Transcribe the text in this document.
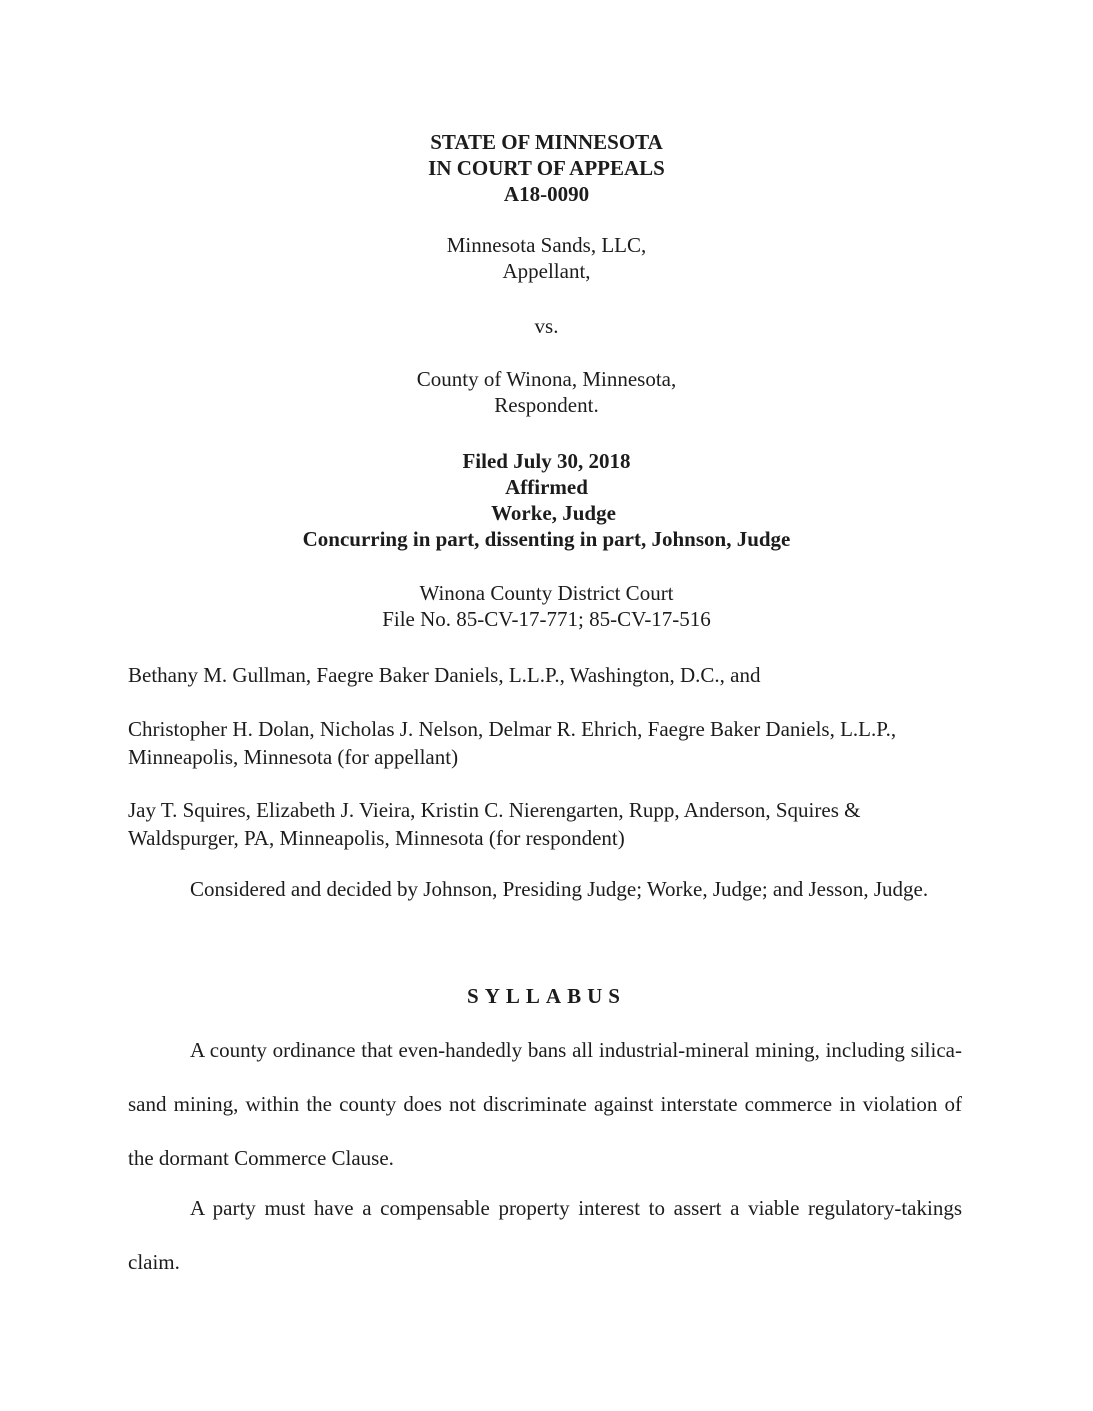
STATE OF MINNESOTA
IN COURT OF APPEALS
A18-0090
Minnesota Sands, LLC,
Appellant,
vs.
County of Winona, Minnesota,
Respondent.
Filed July 30, 2018
Affirmed
Worke, Judge
Concurring in part, dissenting in part, Johnson, Judge
Winona County District Court
File No. 85-CV-17-771; 85-CV-17-516
Bethany M. Gullman, Faegre Baker Daniels, L.L.P., Washington, D.C., and
Christopher H. Dolan, Nicholas J. Nelson, Delmar R. Ehrich, Faegre Baker Daniels, L.L.P.,
Minneapolis, Minnesota (for appellant)
Jay T. Squires, Elizabeth J. Vieira, Kristin C. Nierengarten, Rupp, Anderson, Squires &
Waldspurger, PA, Minneapolis, Minnesota (for respondent)
Considered and decided by Johnson, Presiding Judge; Worke, Judge; and Jesson, Judge.
SYLLABUS
A county ordinance that even-handedly bans all industrial-mineral mining, including silica-sand mining, within the county does not discriminate against interstate commerce in violation of the dormant Commerce Clause.
A party must have a compensable property interest to assert a viable regulatory-takings claim.
